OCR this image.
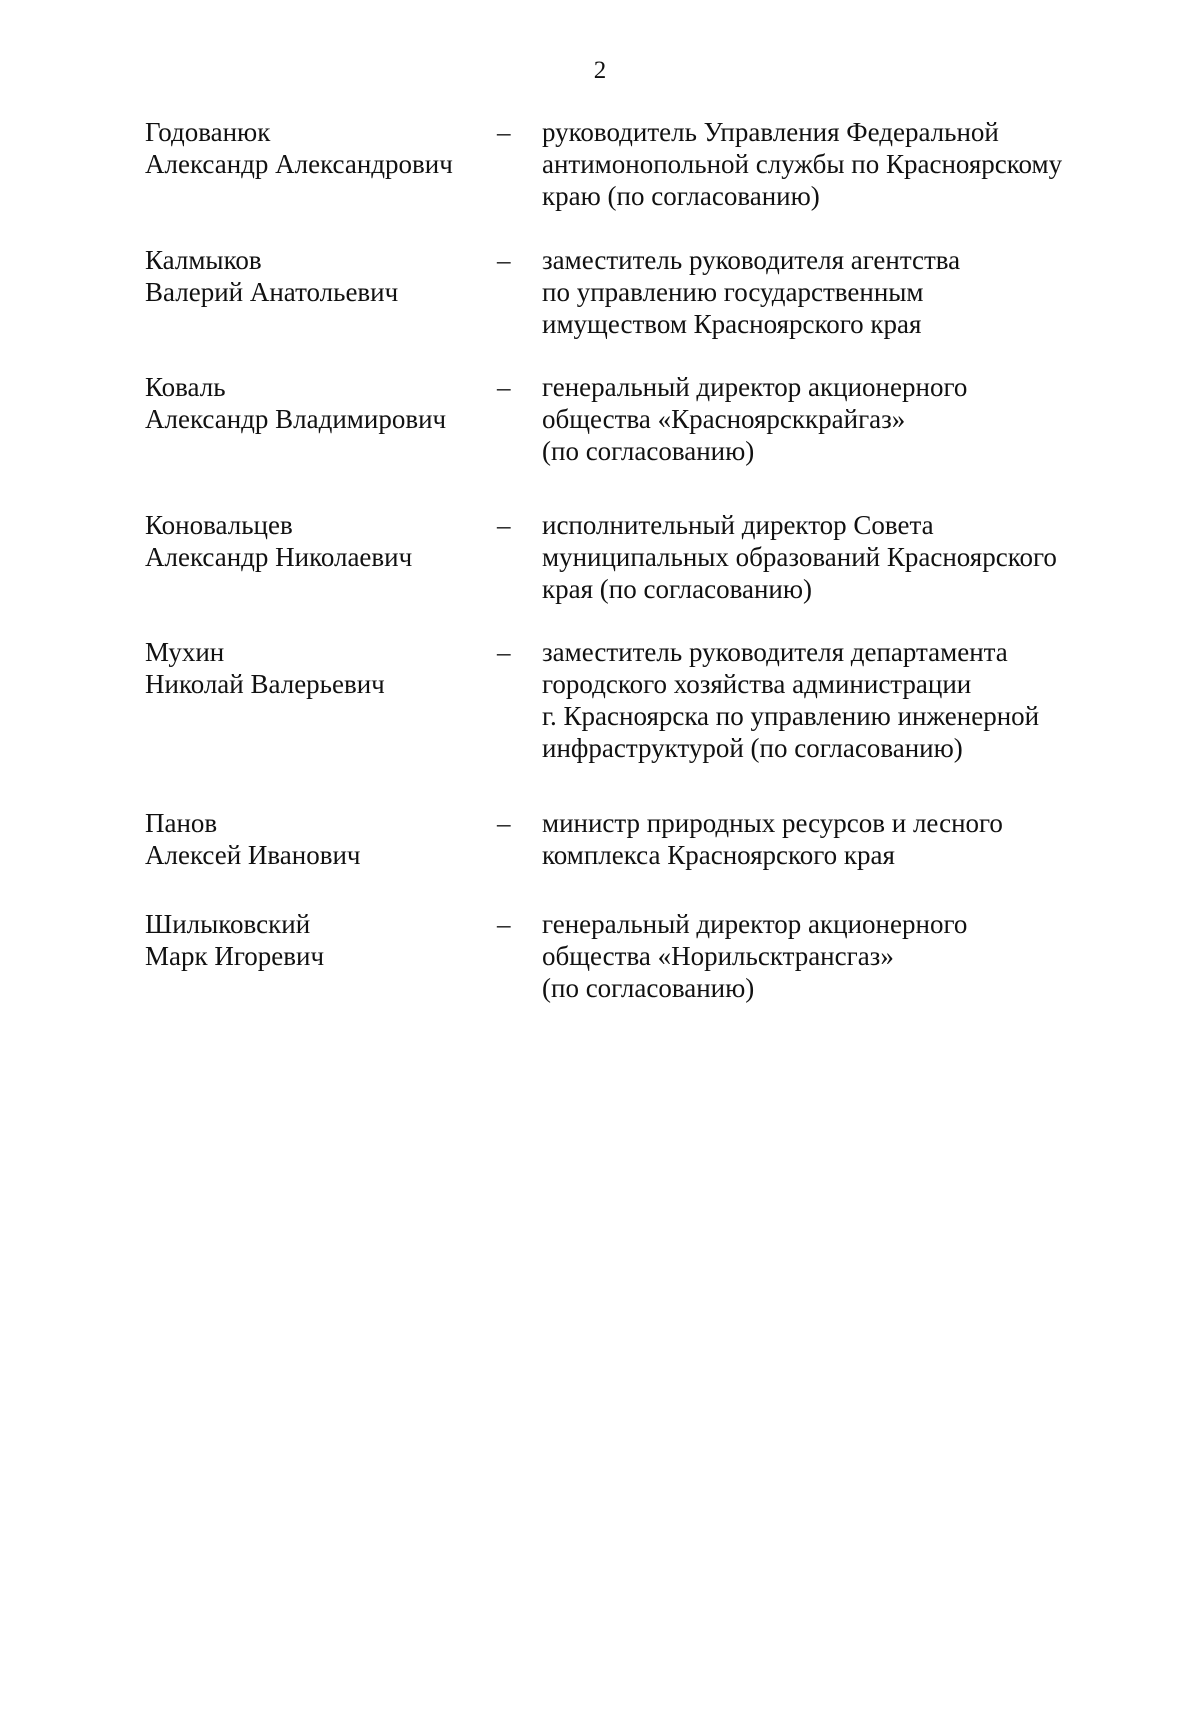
2
Годованюк
Александр Александрович
–	руководитель Управления Федеральной
антимонопольной службы по Красноярскому
краю (по согласованию)
Калмыков
Валерий Анатольевич
–	заместитель руководителя агентства
по управлению государственным
имуществом Красноярского края
Коваль
Александр Владимирович
–	генеральный директор акционерного
общества «Красноярсккрайгаз»
(по согласованию)
Коновальцев
Александр Николаевич
–	исполнительный директор Совета
муниципальных образований Красноярского
края (по согласованию)
Мухин
Николай Валерьевич
–	заместитель руководителя департамента
городского хозяйства администрации
г. Красноярска по управлению инженерной
инфраструктурой (по согласованию)
Панов
Алексей Иванович
–	министр природных ресурсов и лесного
комплекса Красноярского края
Шилыковский
Марк Игоревич
–	генеральный директор акционерного
общества «Норильсктрансгаз»
(по согласованию)
